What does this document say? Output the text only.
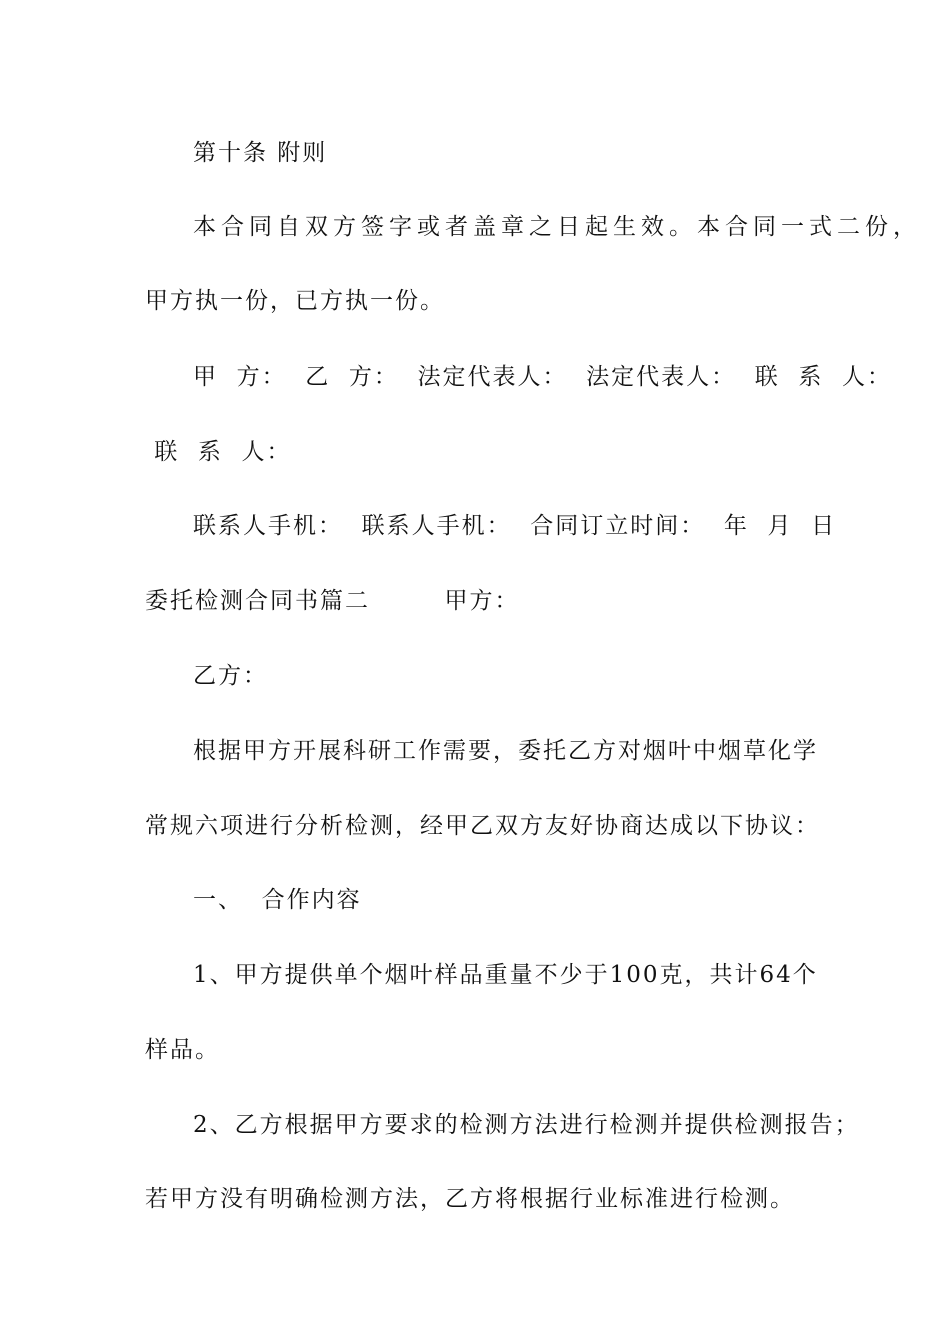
第十条 附则
本合同自双方签字或者盖章之日起生效。本合同一式二份，
甲方执一份，已方执一份。
甲  方：  乙  方：  法定代表人：  法定代表人：  联  系  人：
联  系  人：
联系人手机：  联系人手机：  合同订立时间：  年  月  日
委托检测合同书篇二        甲方：
乙方：
根据甲方开展科研工作需要，委托乙方对烟叶中烟草化学
常规六项进行分析检测，经甲乙双方友好协商达成以下协议：
一、  合作内容
1、甲方提供单个烟叶样品重量不少于100克，共计64个
样品。
2、乙方根据甲方要求的检测方法进行检测并提供检测报告；
若甲方没有明确检测方法，乙方将根据行业标准进行检测。
